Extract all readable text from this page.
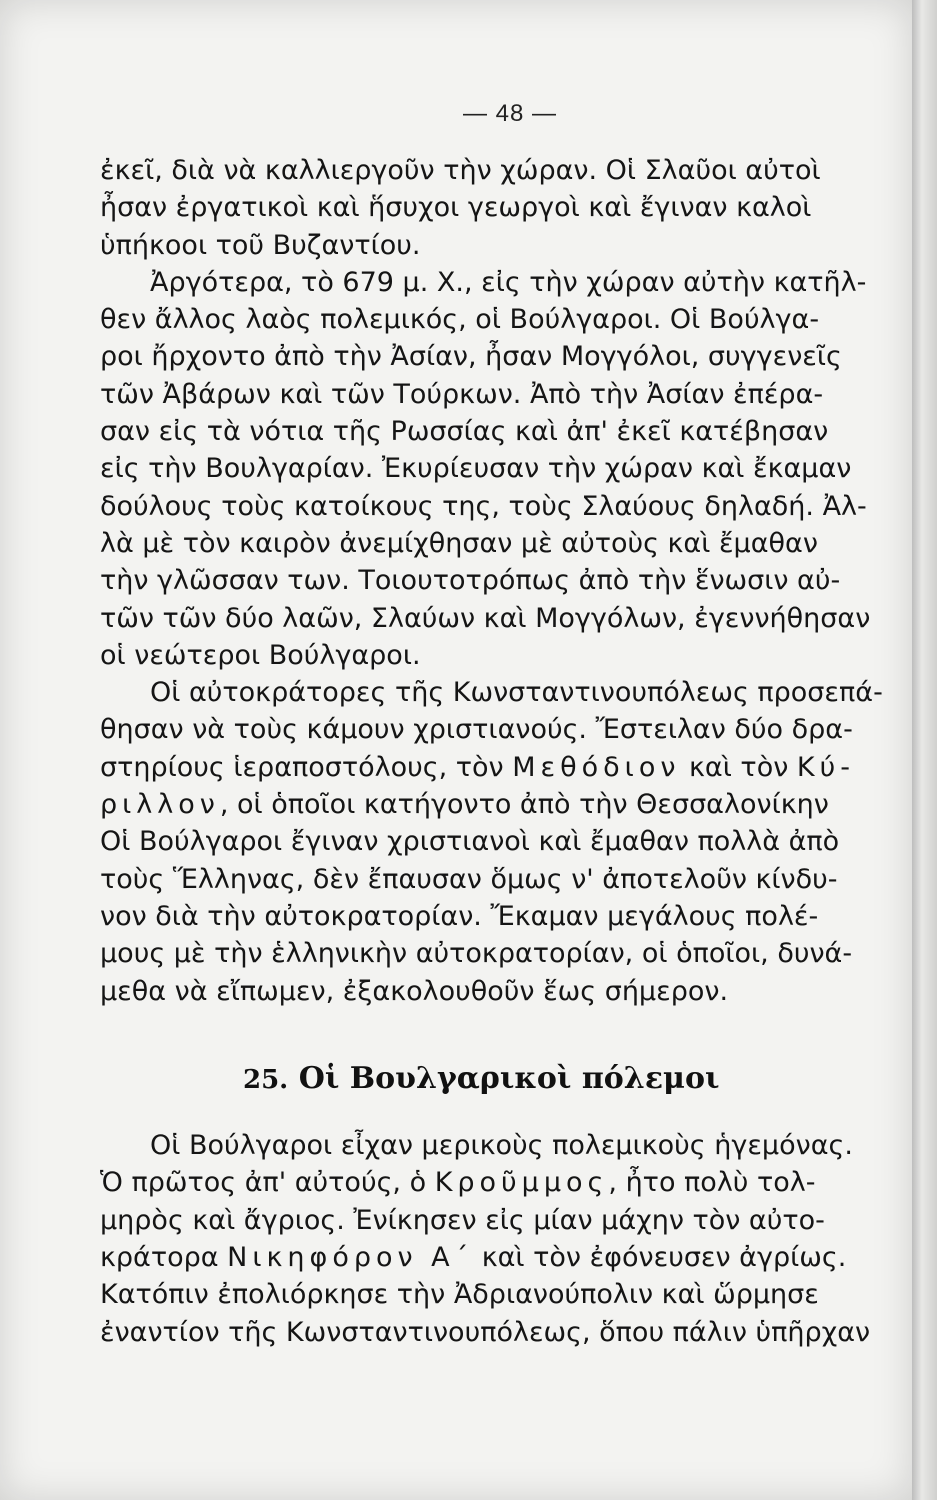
— 48 —
ἐκεῖ, διὰ νὰ καλλιεργοῦν τὴν χώραν. Οἱ Σλαῦοι αὐτοὶ
ἦσαν ἐργατικοὶ καὶ ἥσυχοι γεωργοὶ καὶ ἔγιναν καλοὶ
ὑπήκοοι τοῦ Βυζαντίου.
Ἀργότερα, τὸ 679 μ. Χ., εἰς τὴν χώραν αὐτὴν κατῆλ-
θεν ἄλλος λαὸς πολεμικός, οἱ Βούλγαροι. Οἱ Βούλγα-
ροι ἤρχοντο ἀπὸ τὴν Ἀσίαν, ἦσαν Μογγόλοι, συγγενεῖς
τῶν Ἀβάρων καὶ τῶν Τούρκων. Ἀπὸ τὴν Ἀσίαν ἐπέρα-
σαν εἰς τὰ νότια τῆς Ρωσσίας καὶ ἀπ' ἐκεῖ κατέβησαν
εἰς τὴν Βουλγαρίαν. Ἐκυρίευσαν τὴν χώραν καὶ ἔκαμαν
δούλους τοὺς κατοίκους της, τοὺς Σλαύους δηλαδή. Ἀλ-
λὰ μὲ τὸν καιρὸν ἀνεμίχθησαν μὲ αὐτοὺς καὶ ἔμαθαν
τὴν γλῶσσαν των. Τοιουτοτρόπως ἀπὸ τὴν ἕνωσιν αὐ-
τῶν τῶν δύο λαῶν, Σλαύων καὶ Μογγόλων, ἐγεννήθησαν
οἱ νεώτεροι Βούλγαροι.
Οἱ αὐτοκράτορες τῆς Κωνσταντινουπόλεως προσεπά-
θησαν νὰ τοὺς κάμουν χριστιανούς. Ἔστειλαν δύο δρα-
στηρίους ἱεραποστόλους, τὸν Μεθόδιον καὶ τὸν Κύ-
ριλλον, οἱ ὁποῖοι κατήγοντο ἀπὸ τὴν Θεσσαλονίκην
Οἱ Βούλγαροι ἔγιναν χριστιανοὶ καὶ ἔμαθαν πολλὰ ἀπὸ
τοὺς Ἕλληνας, δὲν ἔπαυσαν ὅμως ν' ἀποτελοῦν κίνδυ-
νον διὰ τὴν αὐτοκρατορίαν. Ἔκαμαν μεγάλους πολέ-
μους μὲ τὴν ἑλληνικὴν αὐτοκρατορίαν, οἱ ὁποῖοι, δυνά-
μεθα νὰ εἴπωμεν, ἐξακολουθοῦν ἕως σήμερον.
25. Οἱ Βουλγαρικοὶ πόλεμοι
Οἱ Βούλγαροι εἶχαν μερικοὺς πολεμικοὺς ἡγεμόνας.
Ὁ πρῶτος ἀπ' αὐτούς, ὁ Κροῦμμος, ἦτο πολὺ τολ-
μηρὸς καὶ ἄγριος. Ἐνίκησεν εἰς μίαν μάχην τὸν αὐτο-
κράτορα Νικηφόρον Α΄ καὶ τὸν ἐφόνευσεν ἀγρίως.
Κατόπιν ἐπολιόρκησε τὴν Ἀδριανούπολιν καὶ ὥρμησε
ἐναντίον τῆς Κωνσταντινουπόλεως, ὅπου πάλιν ὑπῆρχαν
